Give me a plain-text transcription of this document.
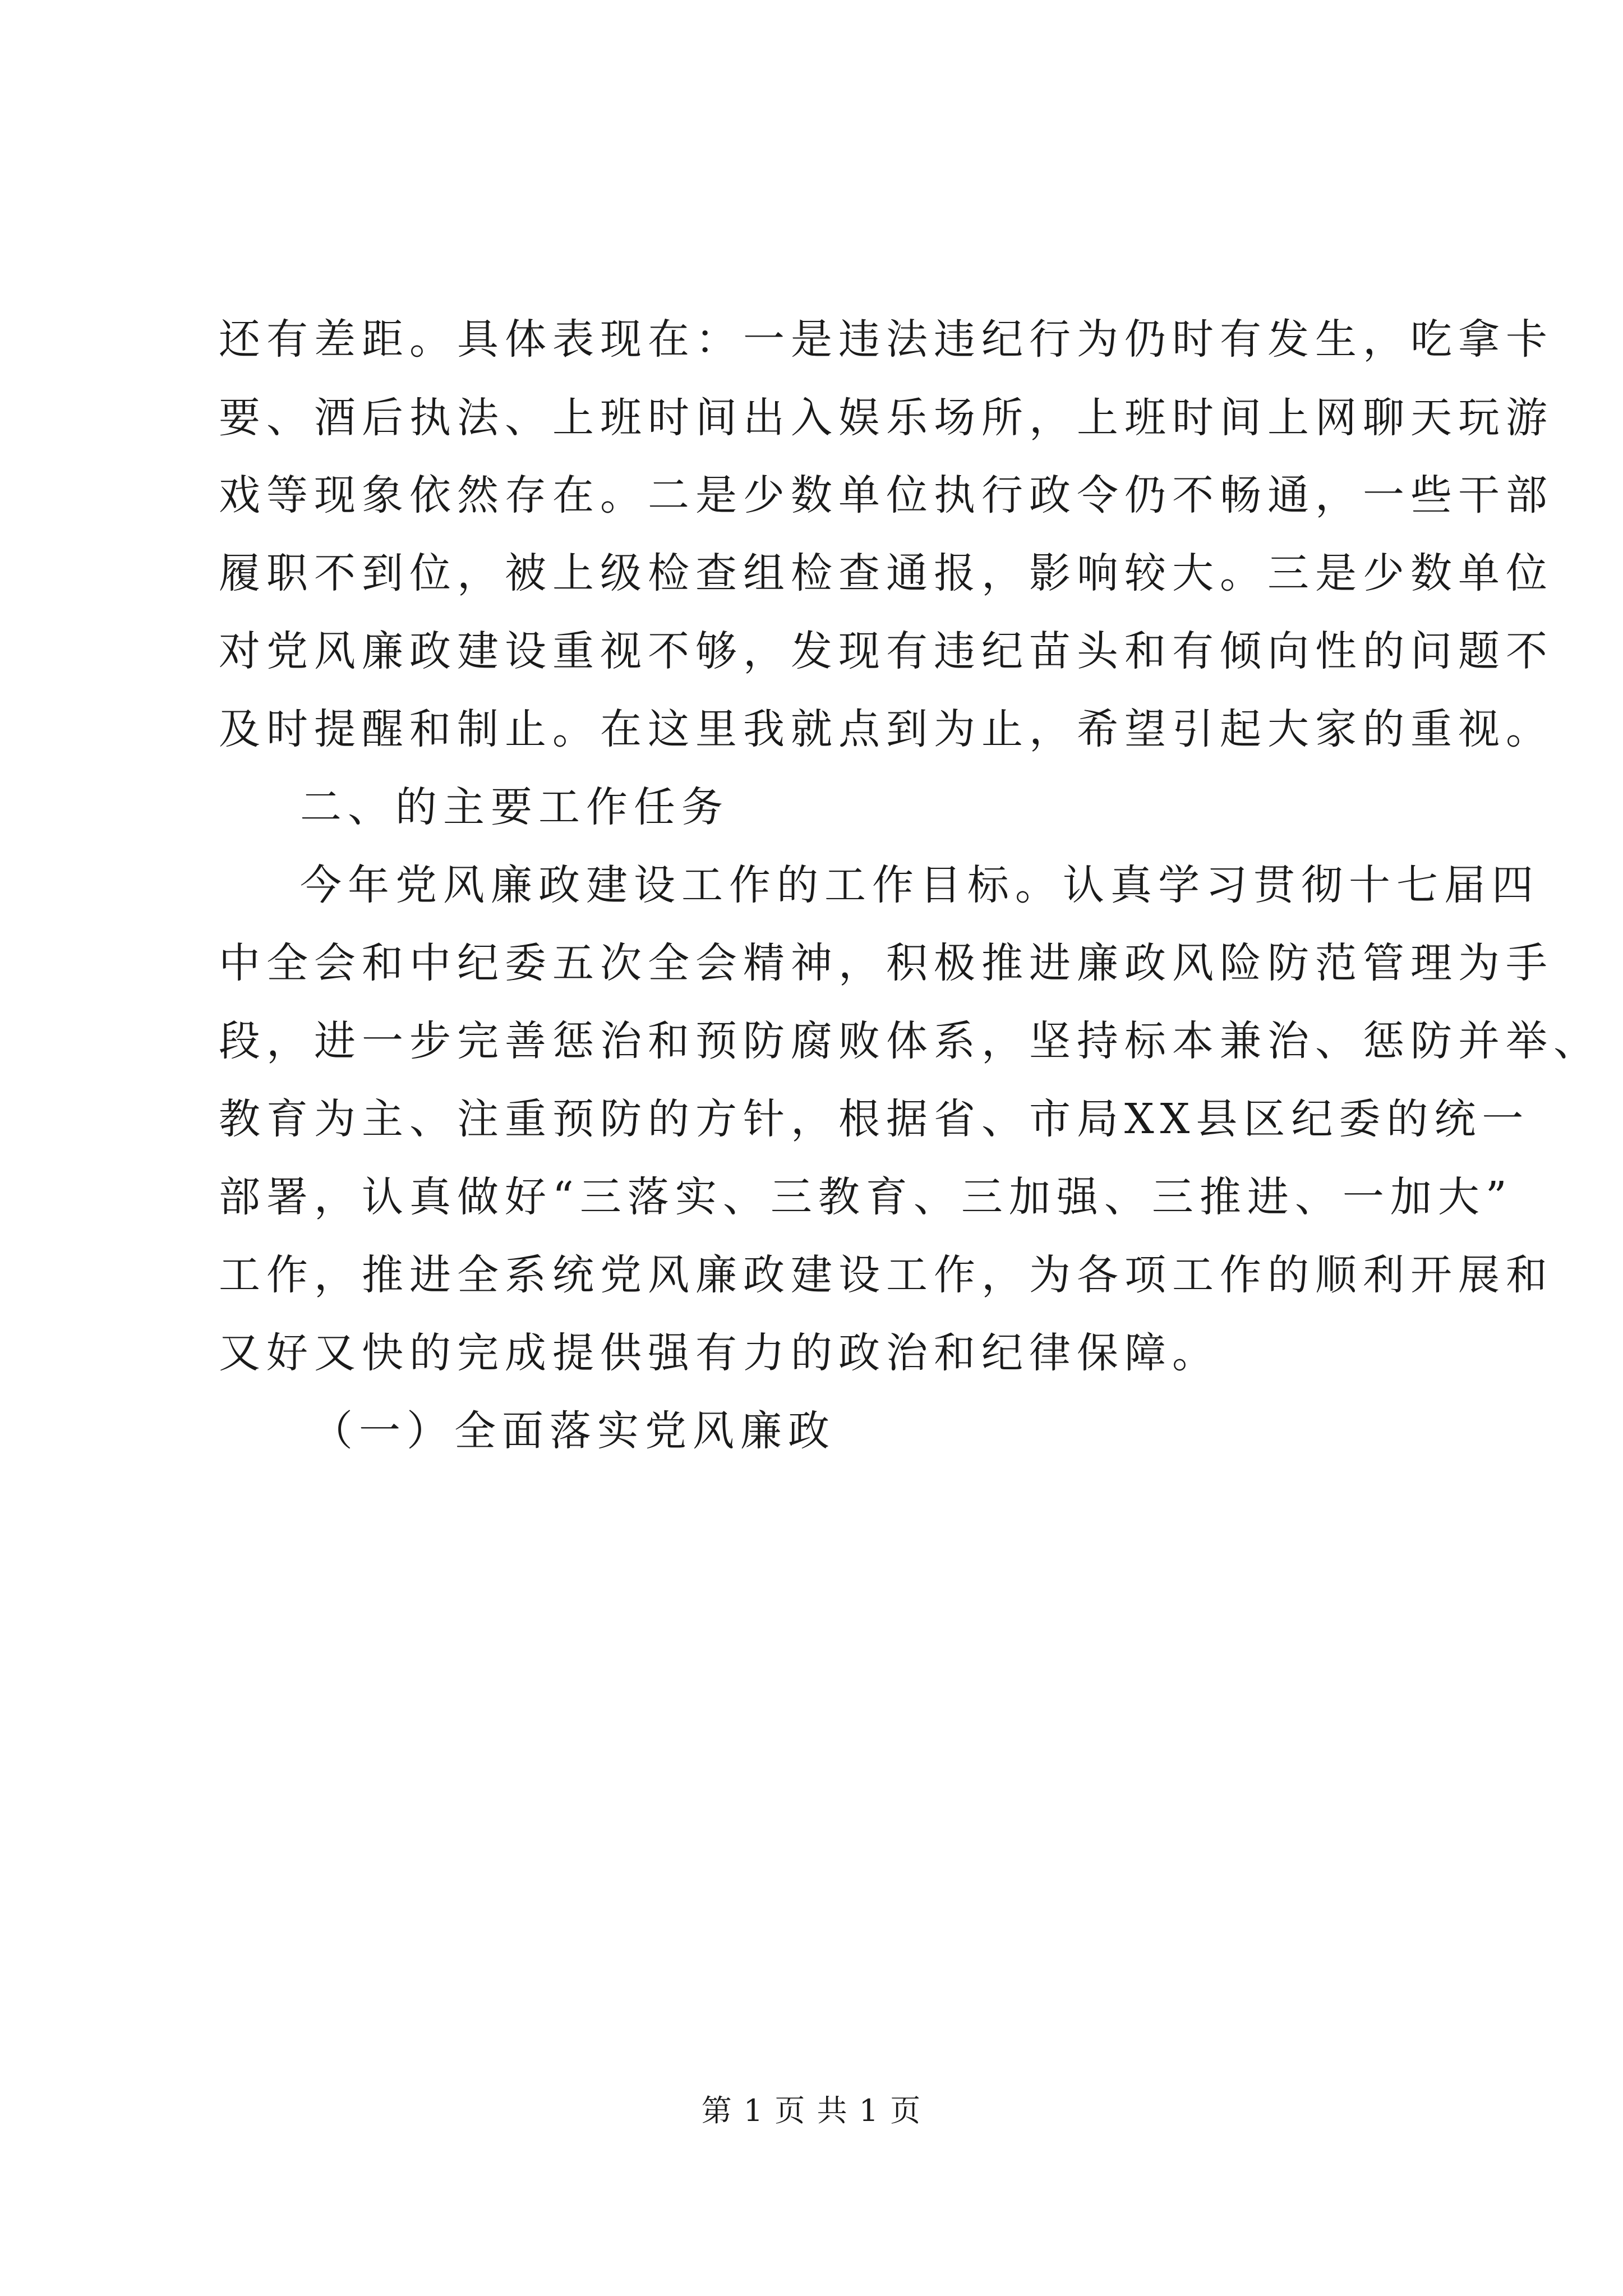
还有差距。具体表现在：一是违法违纪行为仍时有发生，吃拿卡
要、酒后执法、上班时间出入娱乐场所，上班时间上网聊天玩游
戏等现象依然存在。二是少数单位执行政令仍不畅通，一些干部
履职不到位，被上级检查组检查通报，影响较大。三是少数单位
对党风廉政建设重视不够，发现有违纪苗头和有倾向性的问题不
及时提醒和制止。在这里我就点到为止，希望引起大家的重视。
二、的主要工作任务
今年党风廉政建设工作的工作目标。认真学习贯彻十七届四
中全会和中纪委五次全会精神，积极推进廉政风险防范管理为手
段，进一步完善惩治和预防腐败体系，坚持标本兼治、惩防并举、
教育为主、注重预防的方针，根据省、市局XX县区纪委的统一
部署，认真做好“三落实、三教育、三加强、三推进、一加大”
工作，推进全系统党风廉政建设工作，为各项工作的顺利开展和
又好又快的完成提供强有力的政治和纪律保障。
（一）全面落实党风廉政
第 1 页 共 1 页
